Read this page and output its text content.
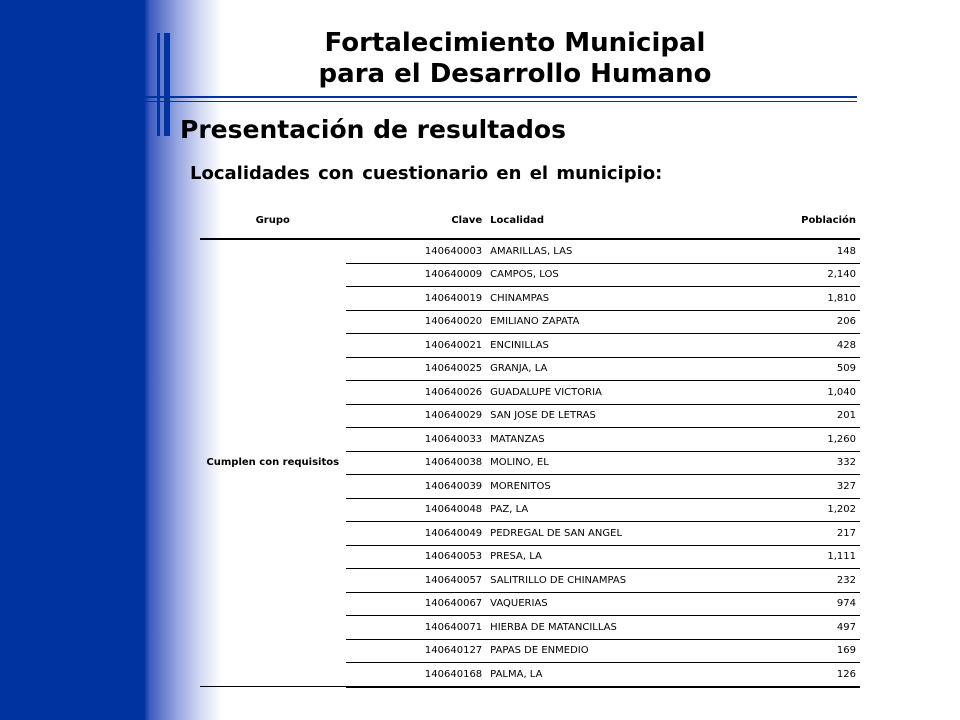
Fortalecimiento Municipal
para el Desarrollo Humano
Presentación de resultados
Localidades con cuestionario en el municipio:
Grupo	Clave	Localidad	Población
Cumplen con requisitos	140640003	AMARILLAS, LAS	148
	140640009	CAMPOS, LOS	2,140
	140640019	CHINAMPAS	1,810
	140640020	EMILIANO ZAPATA	206
	140640021	ENCINILLAS	428
	140640025	GRANJA, LA	509
	140640026	GUADALUPE VICTORIA	1,040
	140640029	SAN JOSE DE LETRAS	201
	140640033	MATANZAS	1,260
	140640038	MOLINO, EL	332
	140640039	MORENITOS	327
	140640048	PAZ, LA	1,202
	140640049	PEDREGAL DE SAN ANGEL	217
	140640053	PRESA, LA	1,111
	140640057	SALITRILLO DE CHINAMPAS	232
	140640067	VAQUERIAS	974
	140640071	HIERBA DE MATANCILLAS	497
	140640127	PAPAS DE ENMEDIO	169
	140640168	PALMA, LA	126
